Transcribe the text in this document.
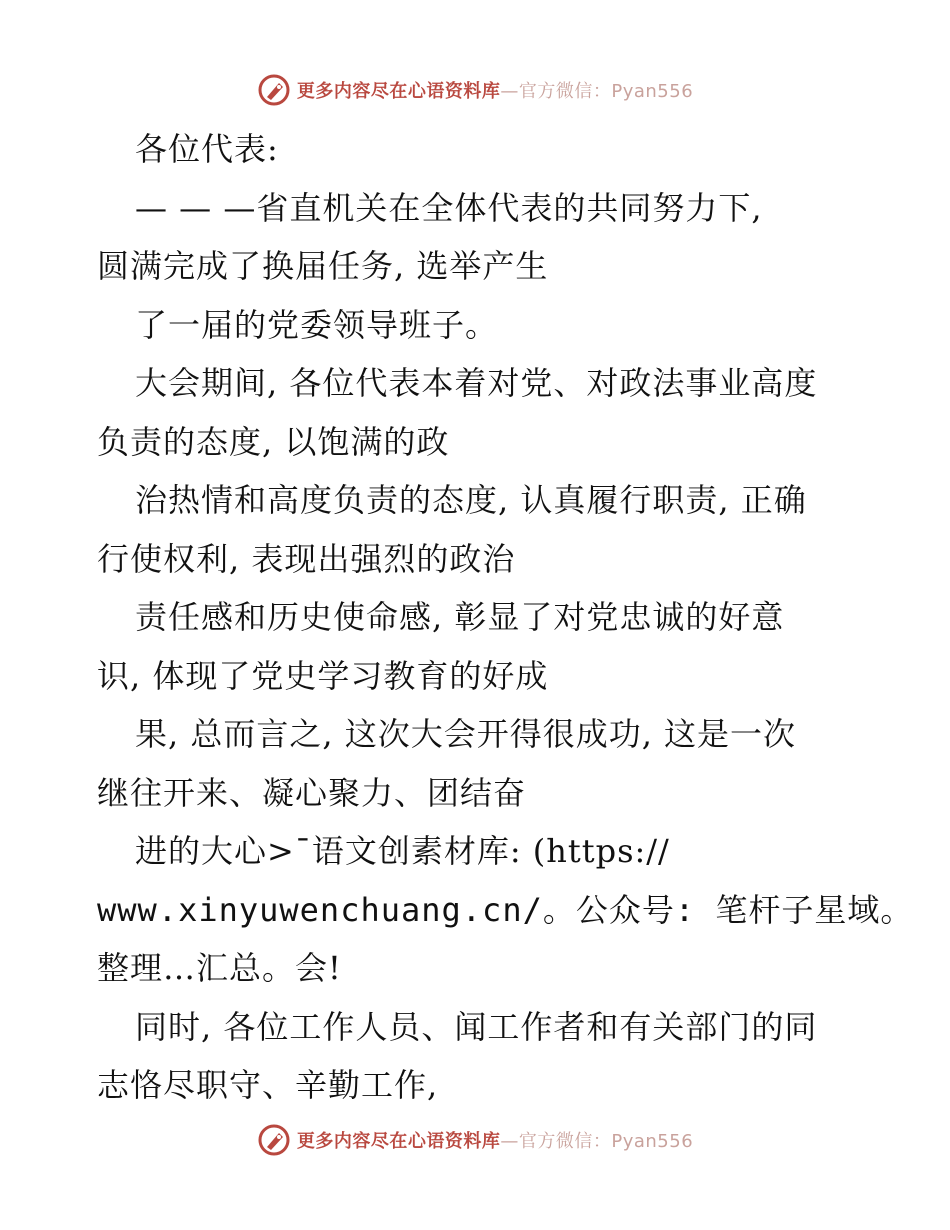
更多内容尽在心语资料库—官方微信：Pyan556
各位代表:
— — —省直机关在全体代表的共同努力下,
圆满完成了换届任务, 选举产生
了一届的党委领导班子。
大会期间, 各位代表本着对党、对政法事业高度
负责的态度, 以饱满的政
治热情和高度负责的态度, 认真履行职责, 正确
行使权利, 表现出强烈的政治
责任感和历史使命感, 彰显了对党忠诚的好意
识, 体现了党史学习教育的好成
果, 总而言之, 这次大会开得很成功, 这是一次
继往开来、凝心聚力、团结奋
进的大心>¯语文创素材库: (https://
www.xinyuwenchuang.cn/。公众号: 笔杆子星域。
整理…汇总。会!
同时, 各位工作人员、闻工作者和有关部门的同
志恪尽职守、辛勤工作,
更多内容尽在心语资料库—官方微信：Pyan556
